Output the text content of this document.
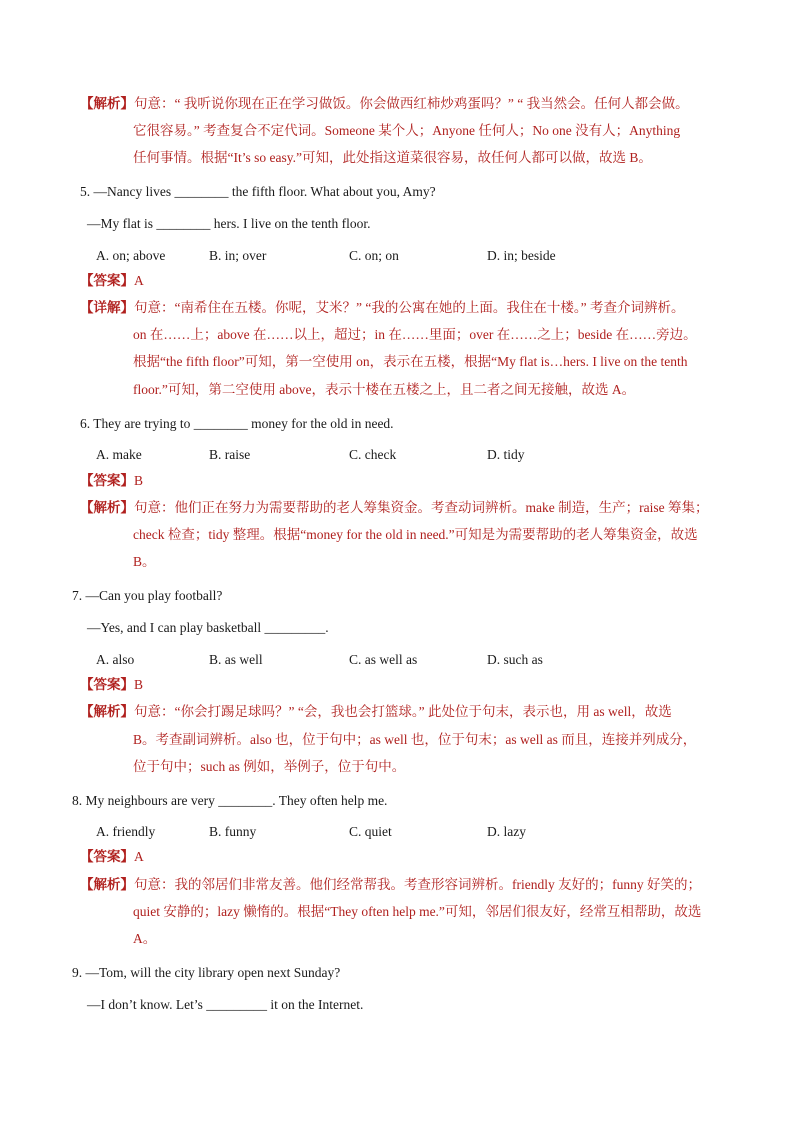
【解析】句意：“ 我听说你现在正在学习做饭。你会做西红柿炒鸡蛋吗？” “ 我当然会。任何人都会做。
它很容易。” 考查复合不定代词。Someone 某个人；Anyone 任何人；No one 没有人；Anything
任何事情。根据“It’s so easy.”可知，此处指这道菜很容易，故任何人都可以做，故选 B。
5. —Nancy lives ________ the fifth floor. What about you, Amy?
—My flat is ________ hers. I live on the tenth floor.
A. on; above	B. in; over	C. on; on	D. in; beside
【答案】A
【详解】句意：“南希住在五楼。你呢，艾米？” “我的公寓在她的上面。我住在十楼。” 考查介词辨析。
on 在……上；above 在……以上，超过；in 在……里面；over 在……之上；beside 在……旁边。
根据“the fifth floor”可知，第一空使用 on，表示在五楼，根据“My flat is…hers. I live on the tenth
floor.”可知，第二空使用 above，表示十楼在五楼之上，且二者之间无接触，故选 A。
6. They are trying to ________ money for the old in need.
A. make	B. raise	C. check	D. tidy
【答案】B
【解析】句意：他们正在努力为需要帮助的老人筹集资金。考查动词辨析。make 制造，生产；raise 筹集；
check 检查；tidy 整理。根据“money for the old in need.”可知是为需要帮助的老人筹集资金，故选
B。
7. —Can you play football?
—Yes, and I can play basketball _________.
A. also	B. as well	C. as well as	D. such as
【答案】B
【解析】句意：“你会打踢足球吗？” “会，我也会打篮球。” 此处位于句末，表示也，用 as well，故选
B。考查副词辨析。also 也，位于句中；as well 也，位于句末；as well as 而且，连接并列成分，
位于句中；such as 例如，举例子，位于句中。
8. My neighbours are very ________. They often help me.
A. friendly	B. funny	C. quiet	D. lazy
【答案】A
【解析】句意：我的邻居们非常友善。他们经常帮我。考查形容词辨析。friendly 友好的；funny 好笑的；
quiet 安静的；lazy 懒惰的。根据“They often help me.”可知，邻居们很友好，经常互相帮助，故选
A。
9. —Tom, will the city library open next Sunday?
—I don’t know. Let’s _________ it on the Internet.
